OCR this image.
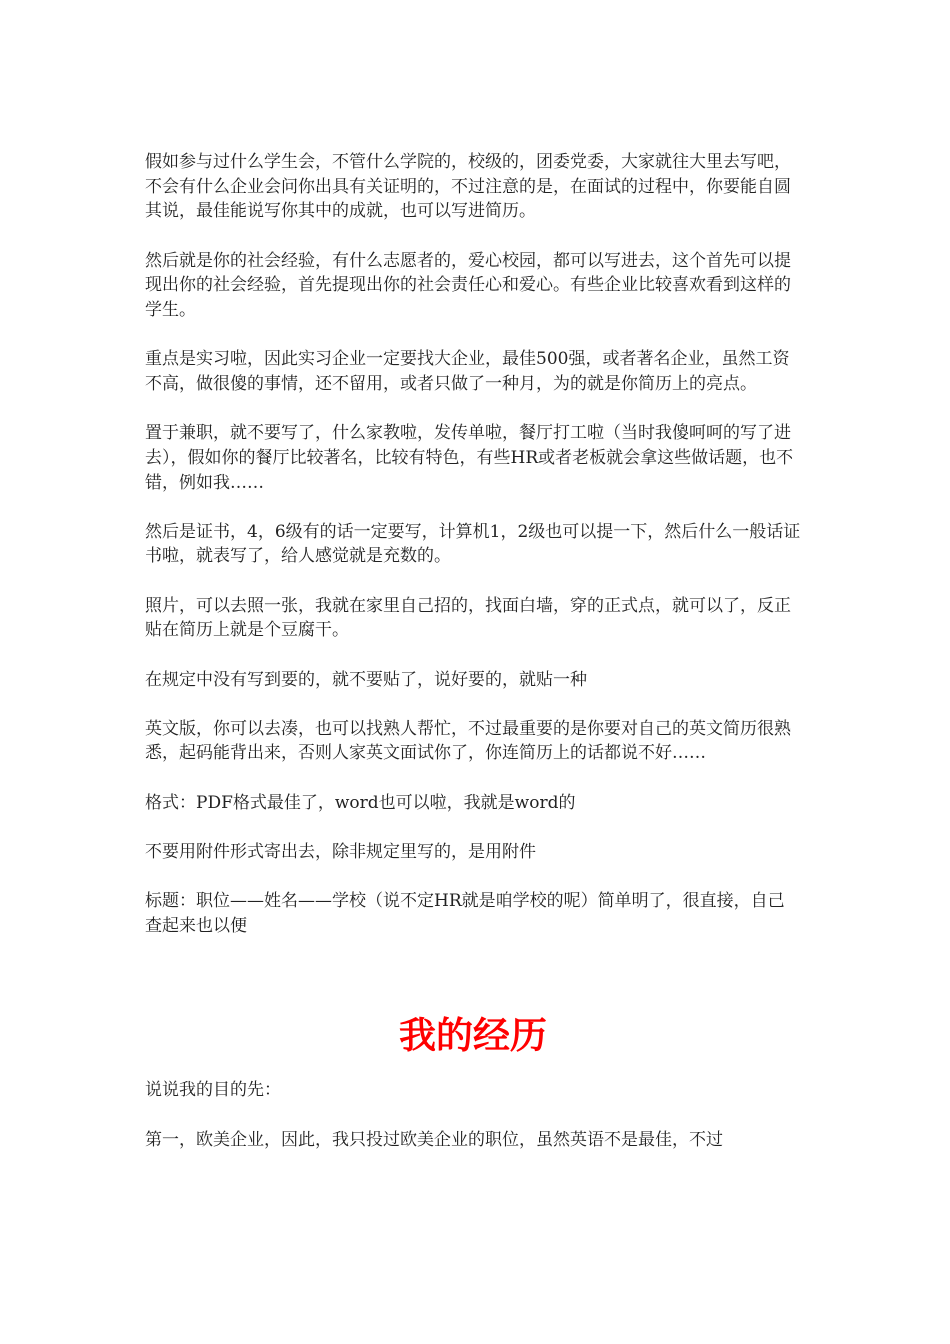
假如参与过什么学生会，不管什么学院的，校级的，团委党委，大家就往大里去写吧，不会有什么企业会问你出具有关证明的，不过注意的是，在面试的过程中，你要能自圆其说，最佳能说写你其中的成就，也可以写进简历。

然后就是你的社会经验，有什么志愿者的，爱心校园，都可以写进去，这个首先可以提现出你的社会经验，首先提现出你的社会责任心和爱心。有些企业比较喜欢看到这样的学生。

重点是实习啦，因此实习企业一定要找大企业，最佳500强，或者著名企业，虽然工资不高，做很傻的事情，还不留用，或者只做了一种月，为的就是你简历上的亮点。

置于兼职，就不要写了，什么家教啦，发传单啦，餐厅打工啦（当时我傻呵呵的写了进去），假如你的餐厅比较著名，比较有特色，有些HR或者老板就会拿这些做话题，也不错，例如我……

然后是证书，4，6级有的话一定要写，计算机1，2级也可以提一下，然后什么一般话证书啦，就表写了，给人感觉就是充数的。

照片，可以去照一张，我就在家里自己招的，找面白墙，穿的正式点，就可以了，反正贴在简历上就是个豆腐干。

在规定中没有写到要的，就不要贴了，说好要的，就贴一种

英文版，你可以去凑，也可以找熟人帮忙，不过最重要的是你要对自己的英文简历很熟悉，起码能背出来，否则人家英文面试你了，你连简历上的话都说不好……

格式：PDF格式最佳了，word也可以啦，我就是word的

不要用附件形式寄出去，除非规定里写的，是用附件

标题：职位——姓名——学校（说不定HR就是咱学校的呢）简单明了，很直接，自己查起来也以便

我的经历

说说我的目的先：

第一，欧美企业，因此，我只投过欧美企业的职位，虽然英语不是最佳，不过
